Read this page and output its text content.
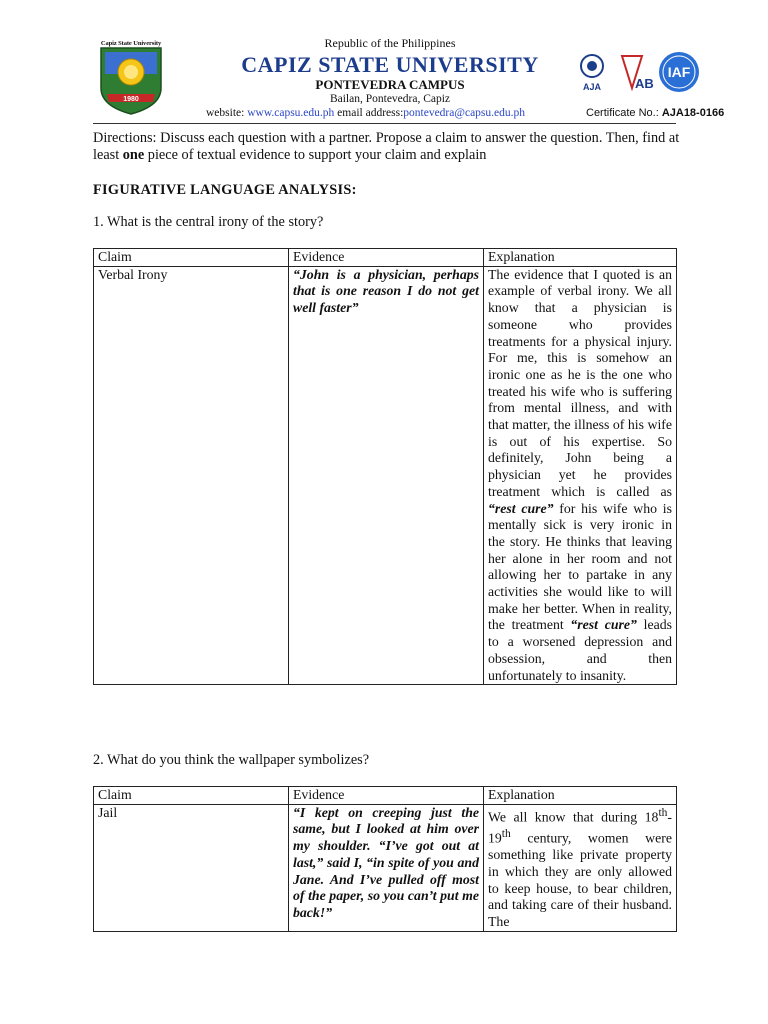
1980
Capiz State University	Republic of the Philippines
CAPIZ STATE UNIVERSITY
PONTEVEDRA CAMPUS
Bailan, Pontevedra, Capiz
website: www.capsu.edu.ph email address:pontevedra@capsu.edu.ph
AJA	AB
IAF
Certificate No.: AJA18-0166
Directions: Discuss each question with a partner. Propose a claim to answer the question. Then, find at least one piece of textual evidence to support your claim and explain
FIGURATIVE LANGUAGE ANALYSIS:
1. What is the central irony of the story?
Claim	Evidence	Explanation
Verbal Irony	“John is a physician, perhaps that is one reason I do not get well faster”	The evidence that I quoted is an example of verbal irony. We all know that a physician is someone who provides treatments for a physical injury. For me, this is somehow an ironic one as he is the one who treated his wife who is suffering from mental illness, and with that matter, the illness of his wife is out of his expertise. So definitely, John being a physician yet he provides treatment which is called as “rest cure” for his wife who is mentally sick is very ironic in the story. He thinks that leaving her alone in her room and not allowing her to partake in any activities she would like to will make her better. When in reality, the treatment “rest cure” leads to a worsened depression and obsession, and then unfortunately to insanity.
2. What do you think the wallpaper symbolizes?
Claim	Evidence	Explanation
Jail	“I kept on creeping just the same, but I looked at him over my shoulder. “I’ve got out at last,” said I, “in spite of you and Jane. And I’ve pulled off most of the paper, so you can’t put me back!”	We all know that during 18th-19th century, women were something like private property in which they are only allowed to keep house, to bear children, and taking care of their husband. The
